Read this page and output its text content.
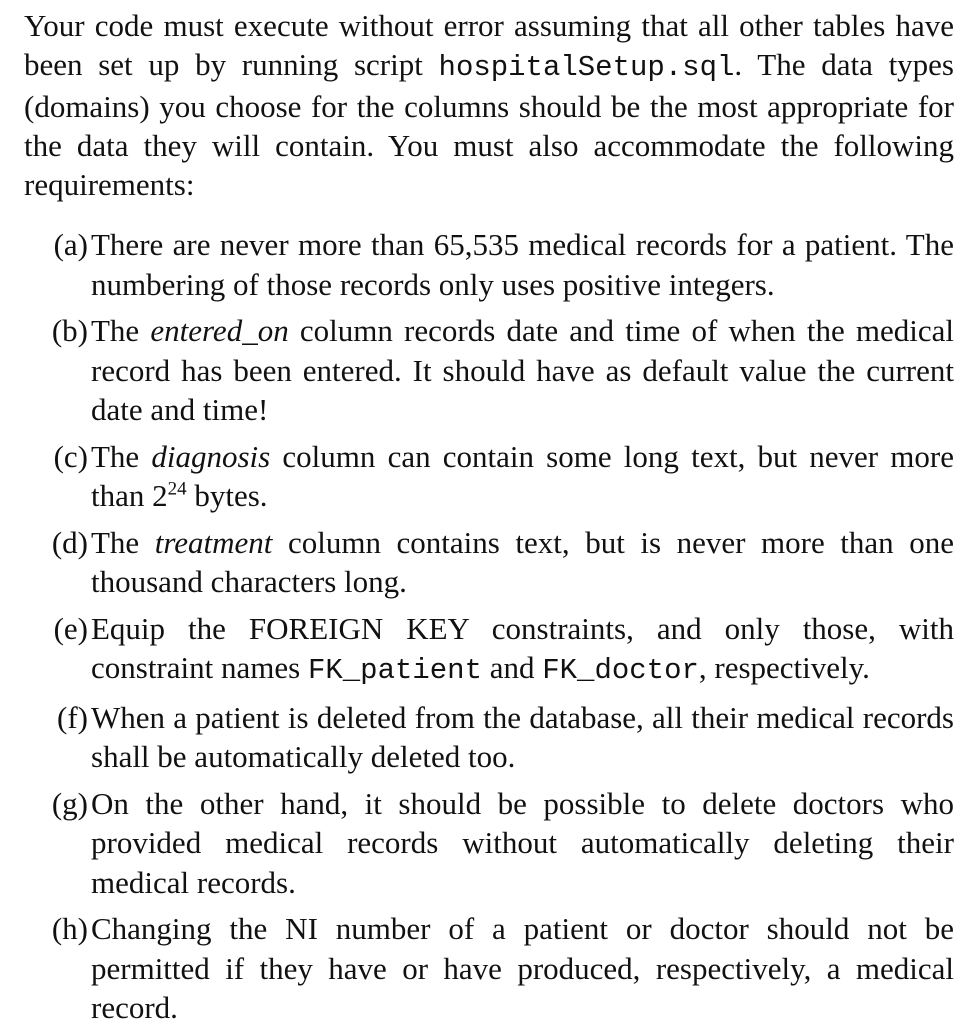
Your code must execute without error assuming that all other tables have been set up by running script hospitalSetup.sql. The data types (domains) you choose for the columns should be the most appropriate for the data they will contain. You must also accommodate the following requirements:

(a) There are never more than 65,535 medical records for a patient. The numbering of those records only uses positive integers.
(b) The entered_on column records date and time of when the medical record has been entered. It should have as default value the current date and time!
(c) The diagnosis column can contain some long text, but never more than $2^{24}$ bytes.
(d) The treatment column contains text, but is never more than one thousand characters long.
(e) Equip the FOREIGN KEY constraints, and only those, with constraint names FK_patient and FK_doctor, respectively.
(f) When a patient is deleted from the database, all their medical records shall be automatically deleted too.
(g) On the other hand, it should be possible to delete doctors who provided medical records without automatically deleting their medical records.
(h) Changing the NI number of a patient or doctor should not be permitted if they have or have produced, respectively, a medical record.
